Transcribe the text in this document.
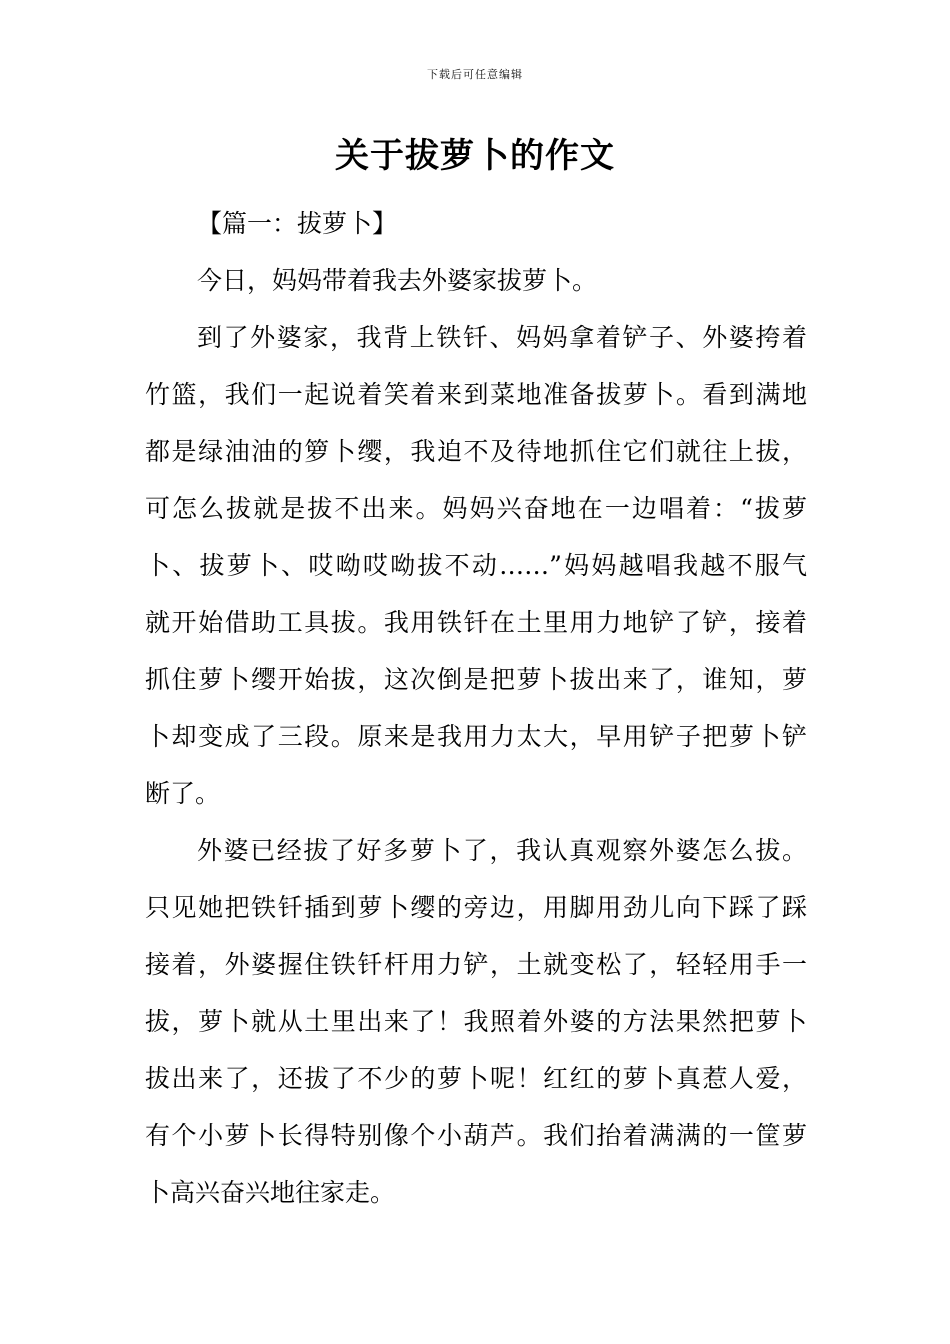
下载后可任意编辑
关于拔萝卜的作文
【篇一：拔萝卜】
今日，妈妈带着我去外婆家拔萝卜。
到了外婆家，我背上铁钎、妈妈拿着铲子、外婆挎着
竹篮，我们一起说着笑着来到菜地准备拔萝卜。看到满地
都是绿油油的箩卜缨，我迫不及待地抓住它们就往上拔，
可怎么拔就是拔不出来。妈妈兴奋地在一边唱着：“拔萝
卜、拔萝卜、哎呦哎呦拔不动……”妈妈越唱我越不服气
就开始借助工具拔。我用铁钎在土里用力地铲了铲，接着
抓住萝卜缨开始拔，这次倒是把萝卜拔出来了，谁知，萝
卜却变成了三段。原来是我用力太大，早用铲子把萝卜铲
断了。
外婆已经拔了好多萝卜了，我认真观察外婆怎么拔。
只见她把铁钎插到萝卜缨的旁边，用脚用劲儿向下踩了踩
接着，外婆握住铁钎杆用力铲，土就变松了，轻轻用手一
拔，萝卜就从土里出来了！我照着外婆的方法果然把萝卜
拔出来了，还拔了不少的萝卜呢！红红的萝卜真惹人爱，
有个小萝卜长得特别像个小葫芦。我们抬着满满的一筐萝
卜高兴奋兴地往家走。
